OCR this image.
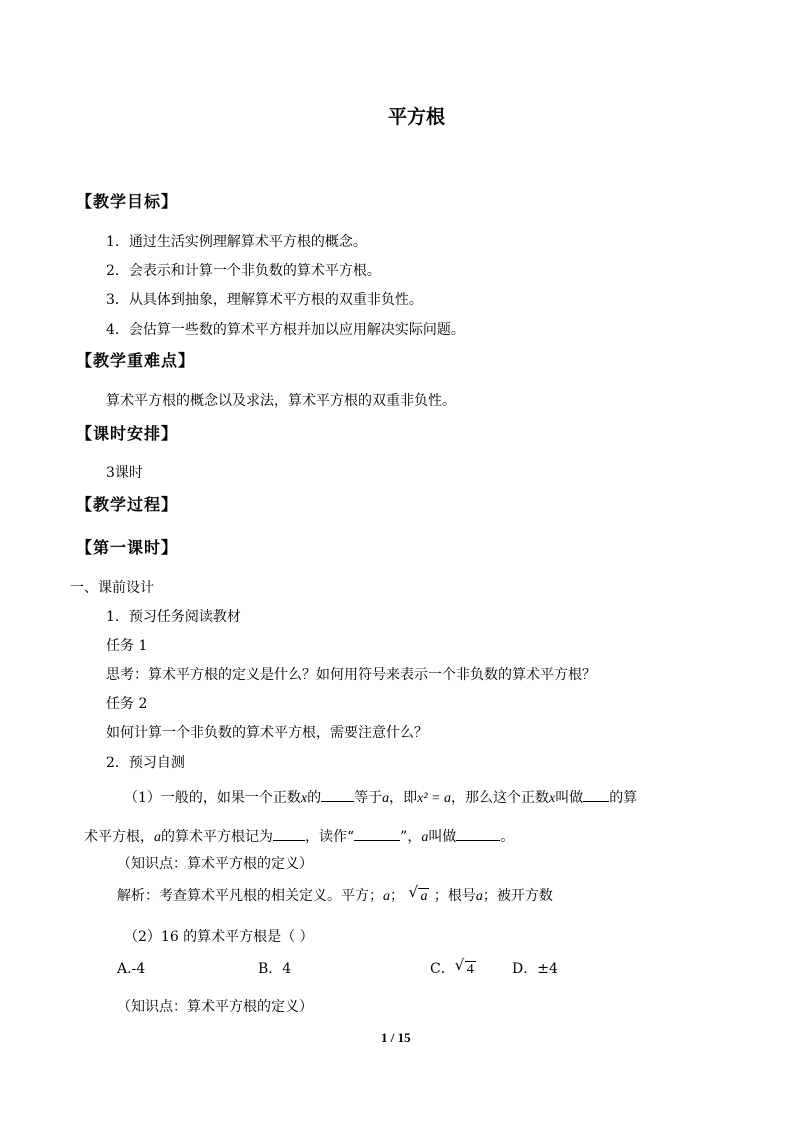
平方根
【教学目标】
1．通过生活实例理解算术平方根的概念。
2．会表示和计算一个非负数的算术平方根。
3．从具体到抽象，理解算术平方根的双重非负性。
4．会估算一些数的算术平方根并加以应用解决实际问题。
【教学重难点】
算术平方根的概念以及求法，算术平方根的双重非负性。
【课时安排】
3课时
【教学过程】
【第一课时】
一、课前设计
1．预习任务阅读教材
任务 1
思考：算术平方根的定义是什么？如何用符号来表示一个非负数的算术平方根？
任务 2
如何计算一个非负数的算术平方根，需要注意什么？
2．预习自测
（1）一般的，如果一个正数x的 等于a，即x² = a，那么这个正数x叫做 的算
术平方根，a的算术平方根记为 ，读作“	”，a叫做	。
（知识点：算术平方根的定义）
解析：考查算术平凡根的相关定义。平方；a； √ a ；根号a；被开方数
（2）16 的算术平方根是（ ）
A.-4	B．4	C． √ 4	D．±4
（知识点：算术平方根的定义）
1 / 15
